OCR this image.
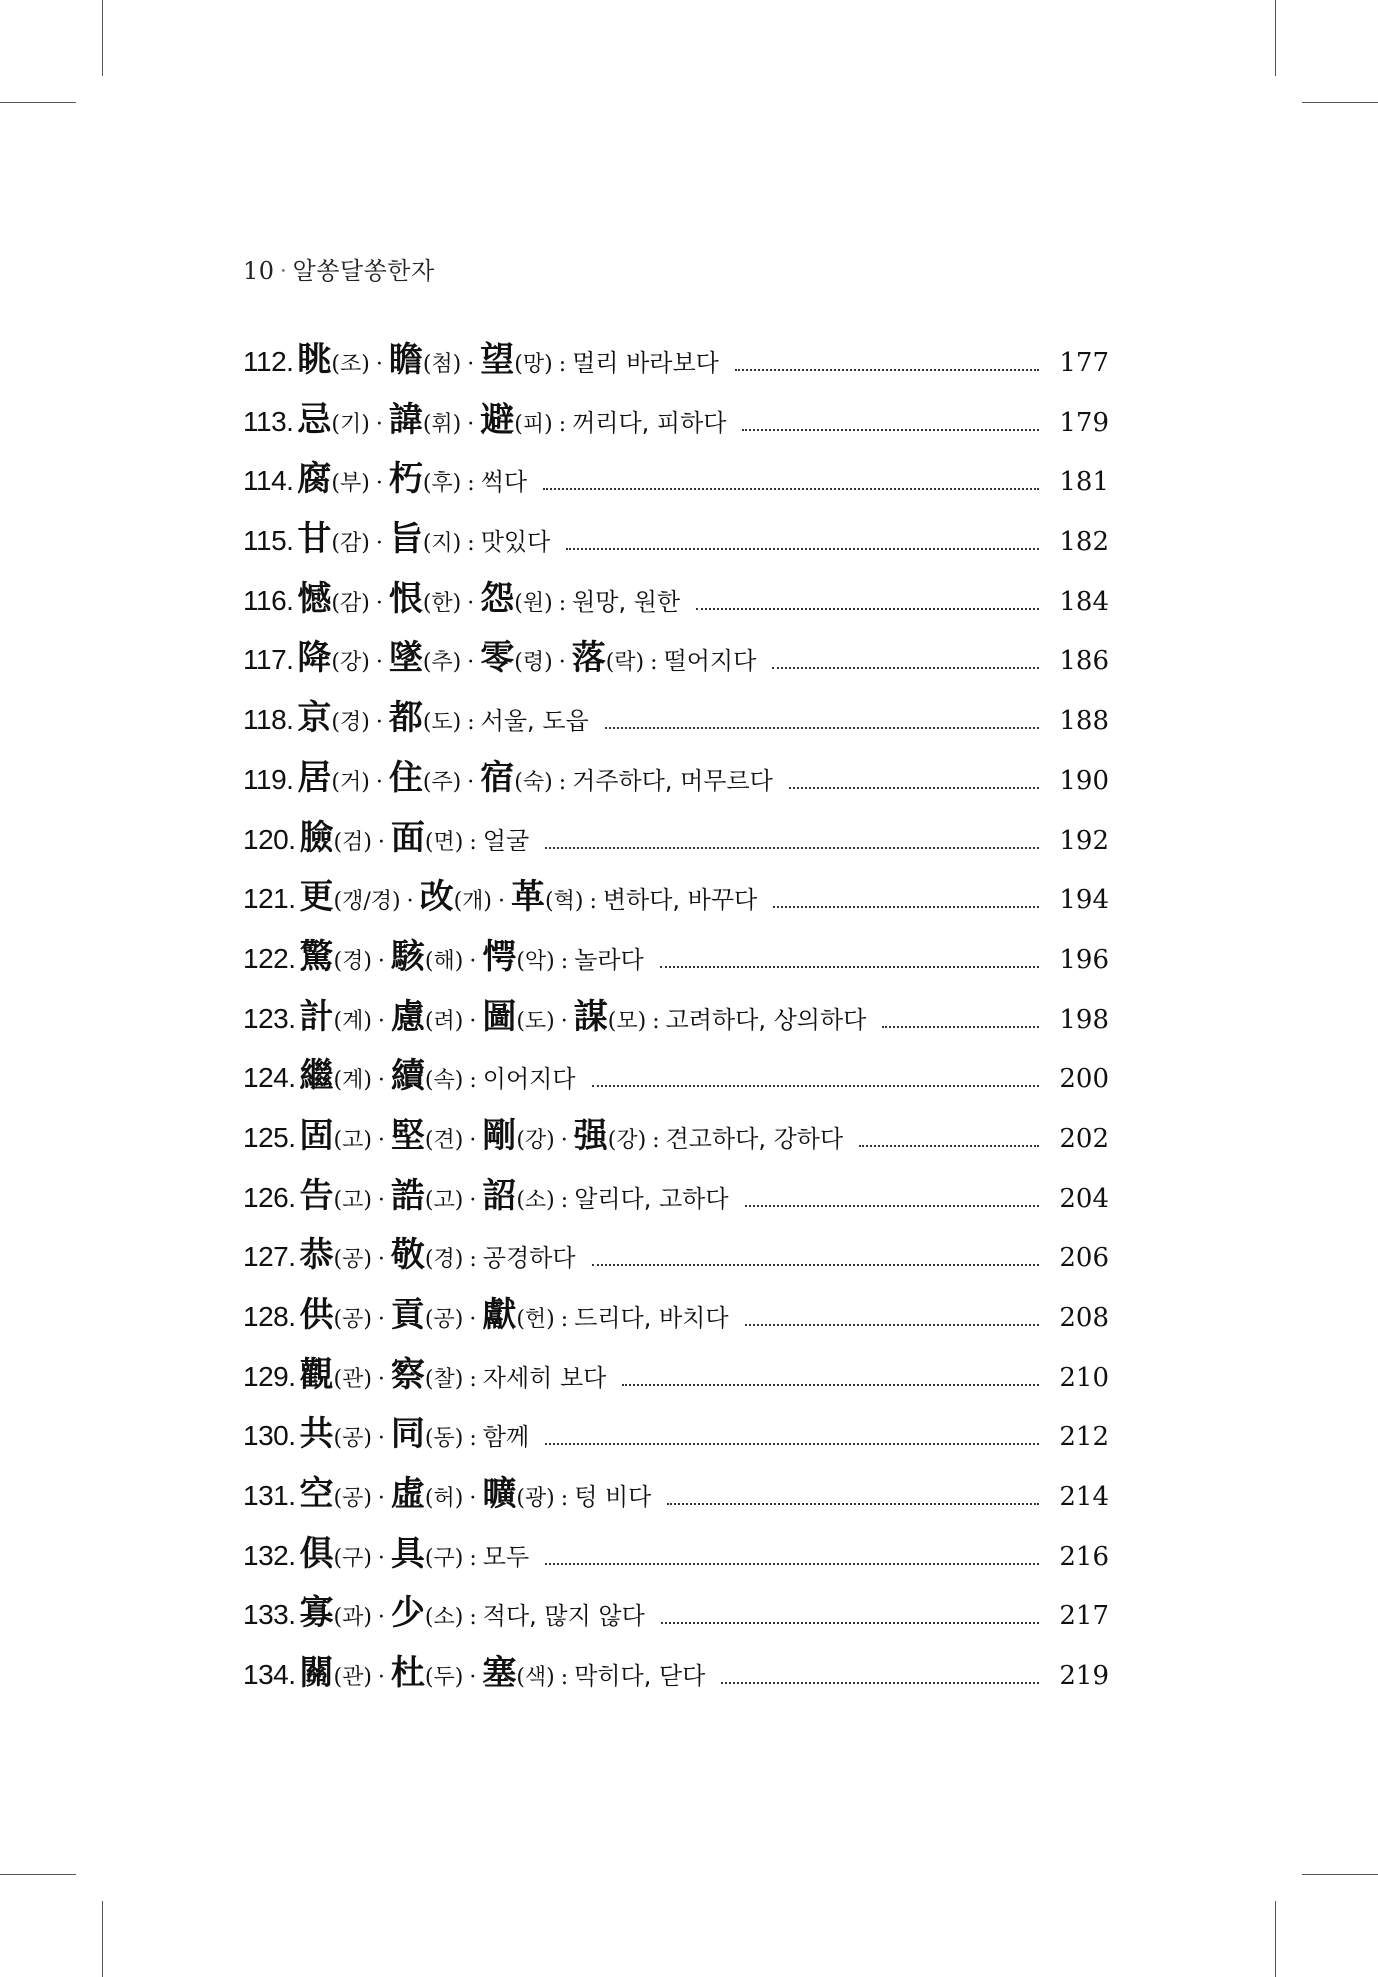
10 · 알쏭달쏭한자
112. 眺(조) · 瞻(첨) · 望(망) : 멀리 바라보다	177
113. 忌(기) · 諱(휘) · 避(피) : 꺼리다, 피하다	179
114. 腐(부) · 朽(후) : 썩다	181
115. 甘(감) · 旨(지) : 맛있다	182
116. 憾(감) · 恨(한) · 怨(원) : 원망, 원한	184
117. 降(강) · 墜(추) · 零(령) · 落(락) : 떨어지다	186
118. 京(경) · 都(도) : 서울, 도읍	188
119. 居(거) · 住(주) · 宿(숙) : 거주하다, 머무르다	190
120. 臉(검) · 面(면) : 얼굴	192
121. 更(갱/경) · 改(개) · 革(혁) : 변하다, 바꾸다	194
122. 驚(경) · 駭(해) · 愕(악) : 놀라다	196
123. 計(계) · 慮(려) · 圖(도) · 謀(모) : 고려하다, 상의하다	198
124. 繼(계) · 續(속) : 이어지다	200
125. 固(고) · 堅(견) · 剛(강) · 强(강) : 견고하다, 강하다	202
126. 告(고) · 誥(고) · 詔(소) : 알리다, 고하다	204
127. 恭(공) · 敬(경) : 공경하다	206
128. 供(공) · 貢(공) · 獻(헌) : 드리다, 바치다	208
129. 觀(관) · 察(찰) : 자세히 보다	210
130. 共(공) · 同(동) : 함께	212
131. 空(공) · 虛(허) · 曠(광) : 텅 비다	214
132. 俱(구) · 具(구) : 모두	216
133. 寡(과) · 少(소) : 적다, 많지 않다	217
134. 關(관) · 杜(두) · 塞(색) : 막히다, 닫다	219
